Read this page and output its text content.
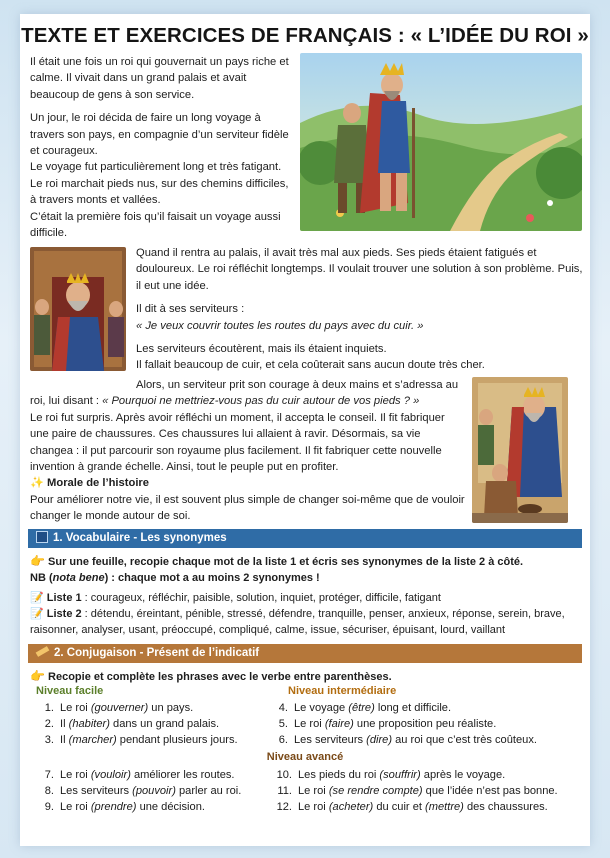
TEXTE ET EXERCICES DE FRANÇAIS : « L’IDÉE DU ROI »

Il était une fois un roi qui gouvernait un pays riche et calme. Il vivait dans un grand palais et avait beaucoup de gens à son service.

Un jour, le roi décida de faire un long voyage à travers son pays, en compagnie d’un serviteur fidèle et courageux.

Le voyage fut particulièrement long et très fatigant. Le roi marchait pieds nus, sur des chemins difficiles, à travers monts et vallées.

C’était la première fois qu’il faisait un voyage aussi difficile.

Quand il rentra au palais, il avait très mal aux pieds. Ses pieds étaient fatigués et douloureux. Le roi réfléchit longtemps. Il voulait trouver une solution à son problème. Puis, il eut une idée.

Il dit à ses serviteurs :

« Je veux couvrir toutes les routes du pays avec du cuir. »

Les serviteurs écoutèrent, mais ils étaient inquiets.

Il fallait beaucoup de cuir, et cela coûterait sans aucun doute très cher.

Alors, un serviteur prit son courage à deux mains et s’adressa au roi, lui disant : « Pourquoi ne mettriez-vous pas du cuir autour de vos pieds ? »

Le roi fut surpris. Après avoir réfléchi un moment, il accepta le conseil. Il fit fabriquer une paire de chaussures. Ces chaussures lui allaient à ravir. Désormais, sa vie changea : il put parcourir son royaume plus facilement. Il fit fabriquer cette nouvelle invention à grande échelle. Ainsi, tout le peuple put en profiter.

✨ Morale de l’histoire

Pour améliorer notre vie, il est souvent plus simple de changer soi-même que de vouloir changer le monde autour de soi.

1. Vocabulaire - Les synonymes

👉 Sur une feuille, recopie chaque mot de la liste 1 et écris ses synonymes de la liste 2 à côté.

NB (nota bene) : chaque mot a au moins 2 synonymes !

📝 Liste 1 : courageux, réfléchir, paisible, solution, inquiet, protéger, difficile, fatigant

📝 Liste 2 : détendu, éreintant, pénible, stressé, défendre, tranquille, penser, anxieux, réponse, serein, brave, raisonner, analyser, usant, préoccupé, compliqué, calme, issue, sécuriser, épuisant, lourd, vaillant

2. Conjugaison - Présent de l’indicatif
👉 Recopie et complète les phrases avec le verbe entre parenthèses.
Niveau facile	Niveau intermédiaire
1. Le roi (gouverner) un pays.
2. Il (habiter) dans un grand palais.
3. Il (marcher) pendant plusieurs jours.
4. Le voyage (être) long et difficile.
5. Le roi (faire) une proposition peu réaliste.
6. Les serviteurs (dire) au roi que c’est très coûteux.
Niveau avancé
7. Le roi (vouloir) améliorer les routes.
8. Les serviteurs (pouvoir) parler au roi.
9. Le roi (prendre) une décision.
10. Les pieds du roi (souffrir) après le voyage.
11. Le roi (se rendre compte) que l’idée n’est pas bonne.
12. Le roi (acheter) du cuir et (mettre) des chaussures.
